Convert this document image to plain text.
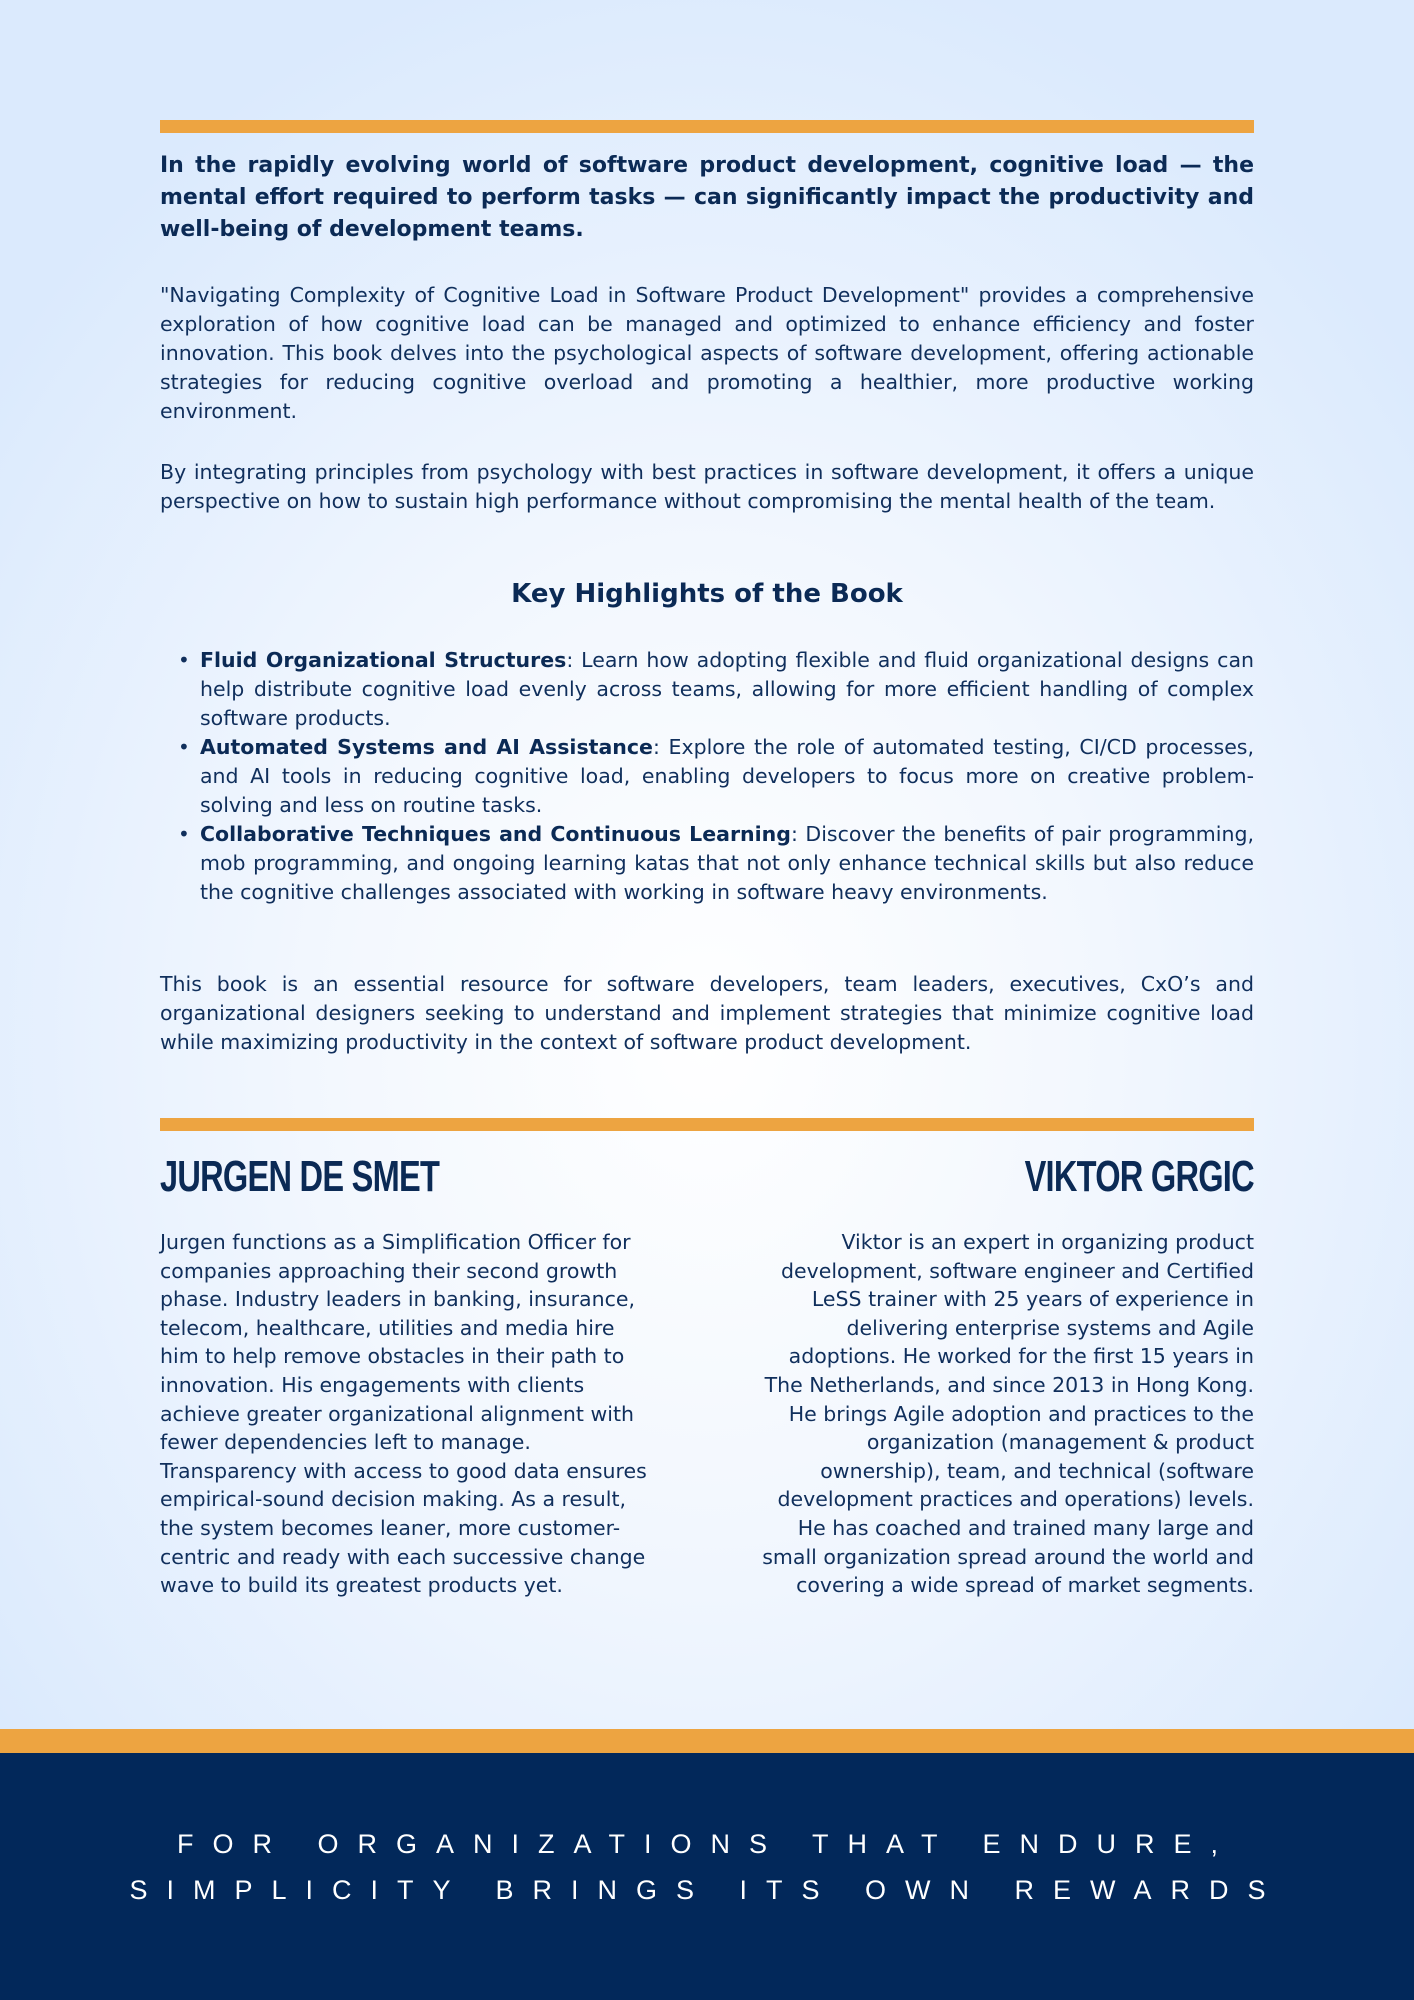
In the rapidly evolving world of software product development, cognitive load — the mental effort required to perform tasks — can significantly impact the productivity and well-being of development teams.

"Navigating Complexity of Cognitive Load in Software Product Development" provides a comprehensive exploration of how cognitive load can be managed and optimized to enhance efficiency and foster innovation. This book delves into the psychological aspects of software development, offering actionable strategies for reducing cognitive overload and promoting a healthier, more productive working environment.

By integrating principles from psychology with best practices in software development, it offers a unique perspective on how to sustain high performance without compromising the mental health of the team.

Key Highlights of the Book
• Fluid Organizational Structures: Learn how adopting flexible and fluid organizational designs can help distribute cognitive load evenly across teams, allowing for more efficient handling of complex software products.
• Automated Systems and AI Assistance: Explore the role of automated testing, CI/CD processes, and AI tools in reducing cognitive load, enabling developers to focus more on creative problem-solving and less on routine tasks.
• Collaborative Techniques and Continuous Learning: Discover the benefits of pair programming, mob programming, and ongoing learning katas that not only enhance technical skills but also reduce the cognitive challenges associated with working in software heavy environments.

This book is an essential resource for software developers, team leaders, executives, CxO’s and organizational designers seeking to understand and implement strategies that minimize cognitive load while maximizing productivity in the context of software product development.

JURGEN DE SMET	VIKTOR GRGIC

Jurgen functions as a Simplification Officer for companies approaching their second growth phase. Industry leaders in banking, insurance, telecom, healthcare, utilities and media hire him to help remove obstacles in their path to innovation. His engagements with clients achieve greater organizational alignment with fewer dependencies left to manage. Transparency with access to good data ensures empirical-sound decision making. As a result, the system becomes leaner, more customer-centric and ready with each successive change wave to build its greatest products yet.

Viktor is an expert in organizing product development, software engineer and Certified LeSS trainer with 25 years of experience in delivering enterprise systems and Agile adoptions. He worked for the first 15 years in The Netherlands, and since 2013 in Hong Kong. He brings Agile adoption and practices to the organization (management & product ownership), team, and technical (software development practices and operations) levels. He has coached and trained many large and small organization spread around the world and covering a wide spread of market segments.

FOR ORGANIZATIONS THAT ENDURE,

SIMPLICITY BRINGS ITS OWN REWARDS
